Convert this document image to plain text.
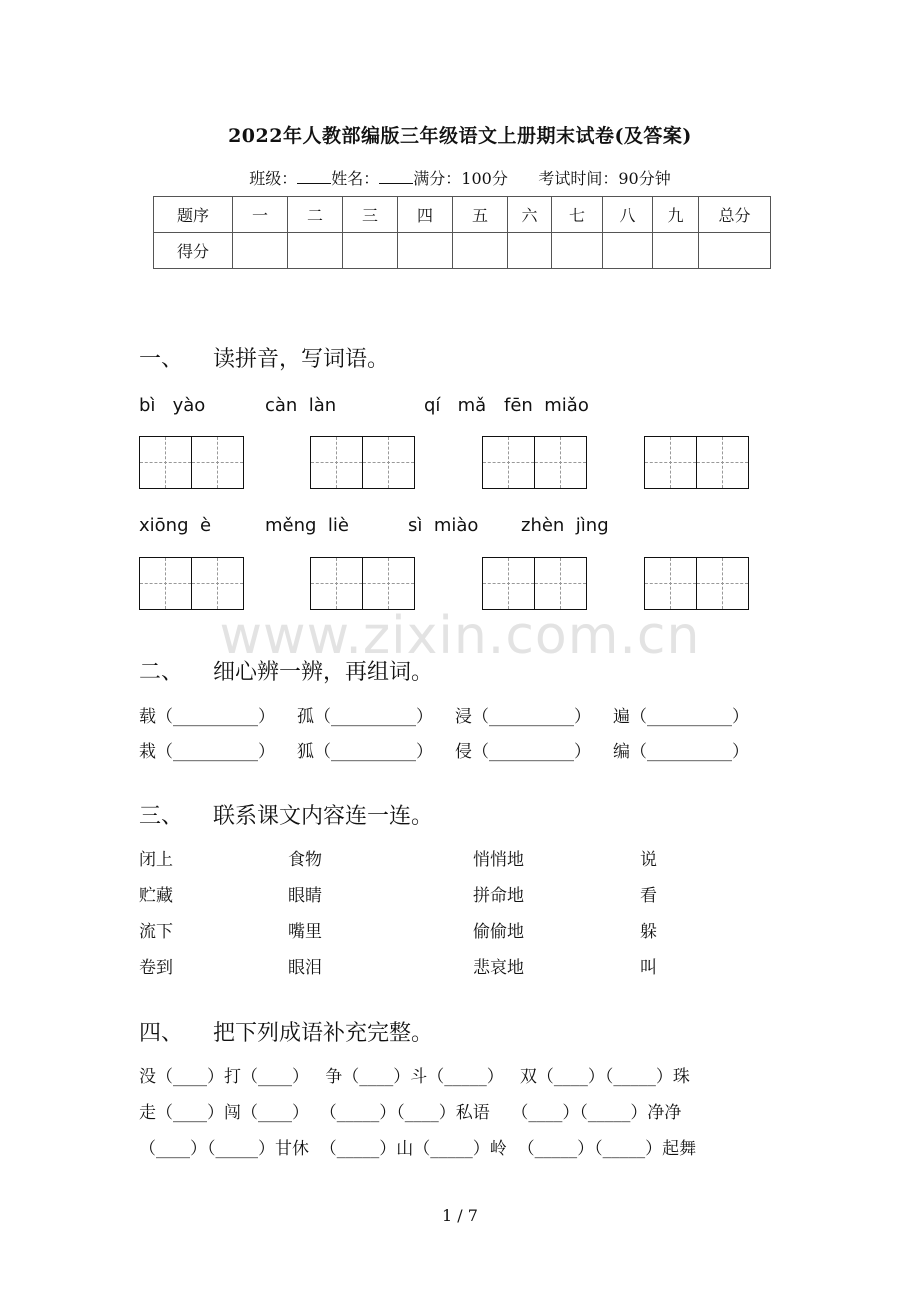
2022年人教部编版三年级语文上册期末试卷(及答案)
班级： 姓名： 满分：100分 考试时间：90分钟
题序	一	二	三	四	五	六	七	八	九	总分
得分										
一、 读拼音，写词语。
bì   yào	càn  làn	qí   mǎ fēn  miǎo
xiōng  è	měng  liè	sì  miào zhèn  jìng
www.zixin.com.cn
二、 细心辨一辨，再组词。
载（__________） 孤（__________） 浸（__________） 遍（__________）
栽（__________） 狐（__________） 侵（__________） 编（__________）
三、 联系课文内容连一连。
闭上	食物	悄悄地	说
贮藏	眼睛	拼命地	看
流下	嘴里	偷偷地	躲
卷到	眼泪	悲哀地	叫
四、 把下列成语补充完整。
没（____）打（____）   争（____）斗（_____）   双（____）（_____）珠
走（____）闯（____）  （_____）（____）私语    （____）（_____）净净
（____）（_____）甘休  （_____）山（_____）岭  （_____）（_____）起舞
1 / 7
